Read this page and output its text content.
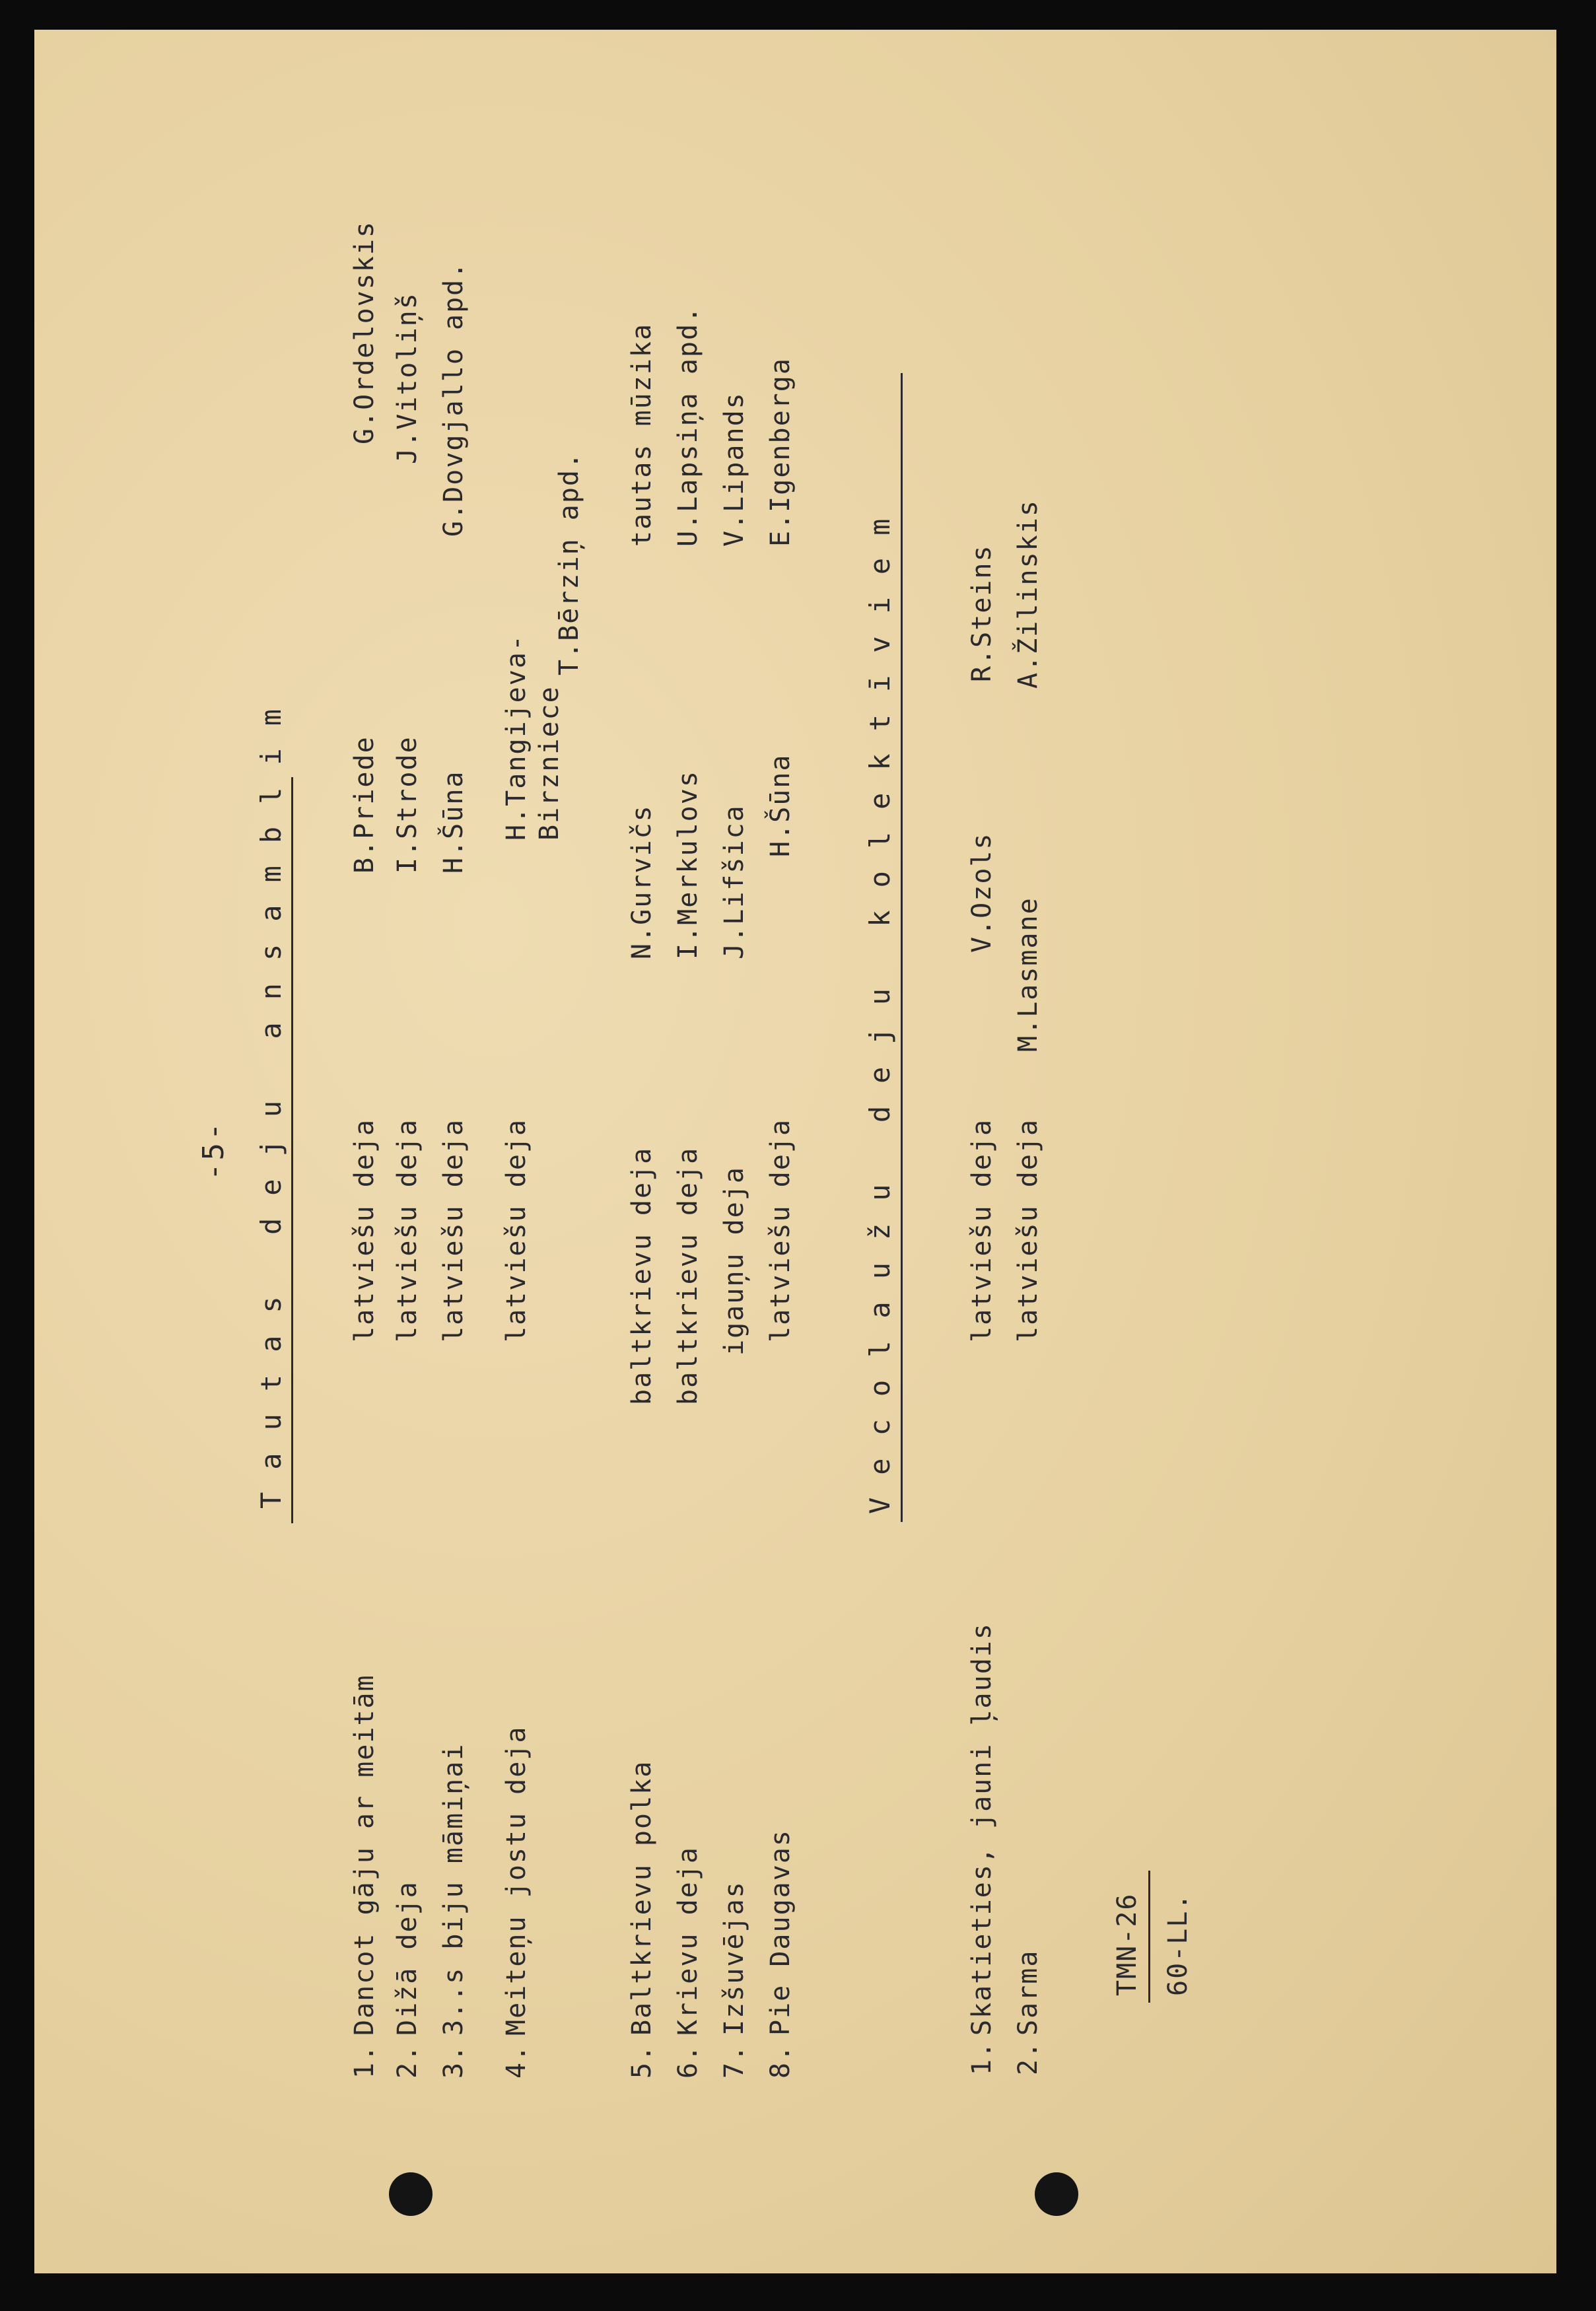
-5- Tautas deju ansamblim
1.
Dancot gāju ar meitām
latviešu deja
B.Priede
G.Ordelovskis
2.
Dižā deja
latviešu deja
I.Strode
J.Vitoliņš
3.
3..s biju māmiņai
latviešu deja
H.Šūna
G.Dovgjallo apd.
4.
Meiteņu jostu deja
latviešu deja
H.Tangijeva- Birzniece
T.Bērziņ apd.
5.
Baltkrievu polka
baltkrievu deja
N.Gurvičs
tautas mūzika
6.
Krievu deja
baltkrievu deja
I.Merkulovs
U.Lapsiņa apd.
7.
Izšuvējas
igauņu deja
J.Lifšica
V.Lipands
8.
Pie Daugavas
latviešu deja
H.Šūna
E.Igenberga
Vecolaužu deju kolektīviem
1.
Skatieties, jauni ļaudis
latviešu deja
V.Ozols
R.Steins
2.
Sarma
latviešu deja
M.Lasmane
A.Žilinskis
TMN-26 60-LL.
